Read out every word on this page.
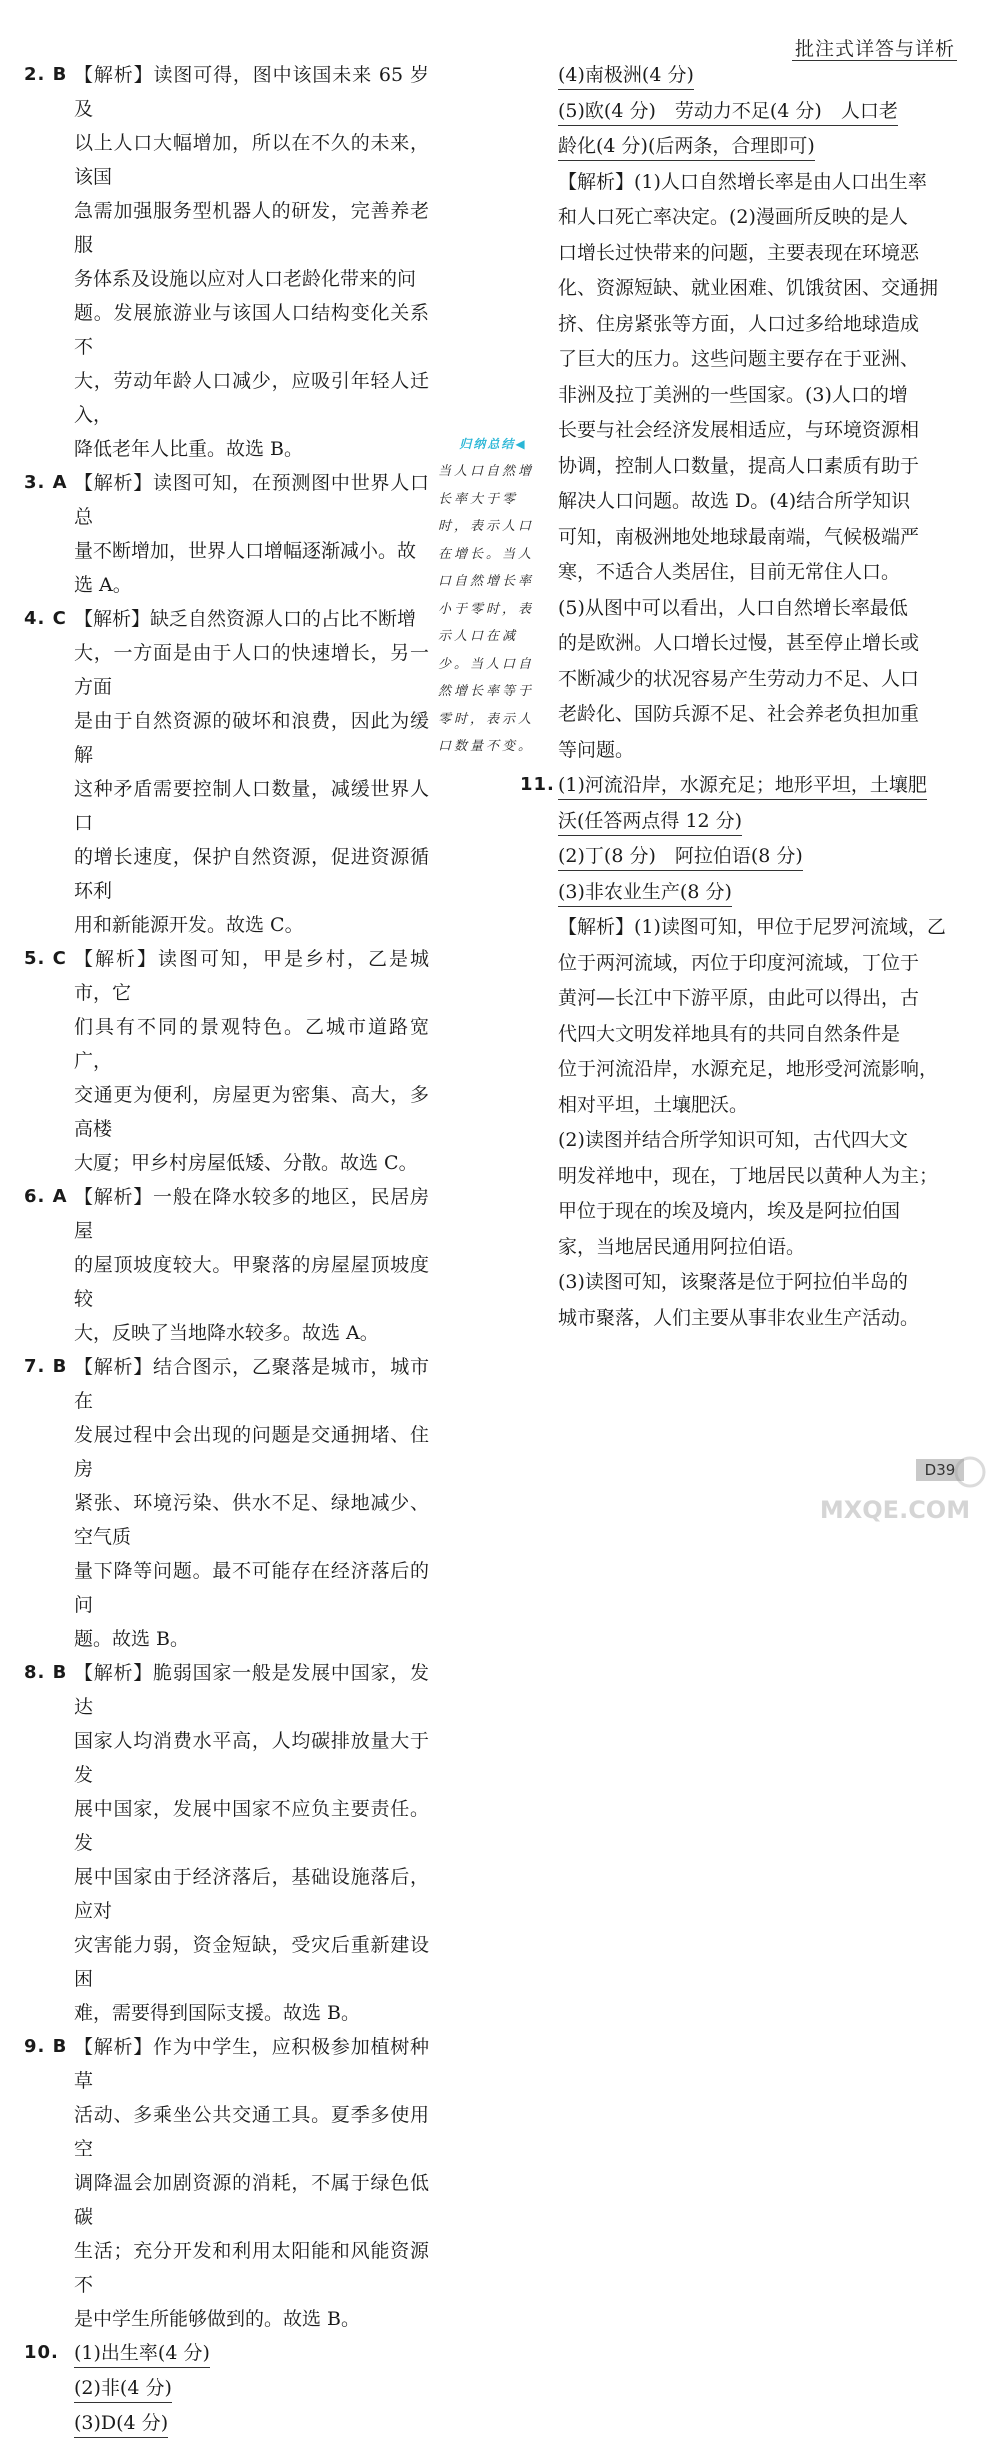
批注式详答与详析
2. B 【解析】读图可得，图中该国未来 65 岁及
以上人口大幅增加，所以在不久的未来，该国
急需加强服务型机器人的研发，完善养老服
务体系及设施以应对人口老龄化带来的问
题。发展旅游业与该国人口结构变化关系不
大，劳动年龄人口减少，应吸引年轻人迁入，
降低老年人比重。故选 B。
3. A 【解析】读图可知，在预测图中世界人口总
量不断增加，世界人口增幅逐渐减小。故
选 A。
4. C 【解析】缺乏自然资源人口的占比不断增
大，一方面是由于人口的快速增长，另一方面
是由于自然资源的破坏和浪费，因此为缓解
这种矛盾需要控制人口数量，减缓世界人口
的增长速度，保护自然资源，促进资源循环利
用和新能源开发。故选 C。
5. C 【解析】读图可知，甲是乡村，乙是城市，它
们具有不同的景观特色。乙城市道路宽广，
交通更为便利，房屋更为密集、高大，多高楼
大厦；甲乡村房屋低矮、分散。故选 C。
6. A 【解析】一般在降水较多的地区，民居房屋
的屋顶坡度较大。甲聚落的房屋屋顶坡度较
大，反映了当地降水较多。故选 A。
7. B 【解析】结合图示，乙聚落是城市，城市在
发展过程中会出现的问题是交通拥堵、住房
紧张、环境污染、供水不足、绿地减少、空气质
量下降等问题。最不可能存在经济落后的问
题。故选 B。
8. B 【解析】脆弱国家一般是发展中国家，发达
国家人均消费水平高，人均碳排放量大于发
展中国家，发展中国家不应负主要责任。发
展中国家由于经济落后，基础设施落后，应对
灾害能力弱，资金短缺，受灾后重新建设困
难，需要得到国际支援。故选 B。
9. B 【解析】作为中学生，应积极参加植树种草
活动、多乘坐公共交通工具。夏季多使用空
调降温会加剧资源的消耗，不属于绿色低碳
生活；充分开发和利用太阳能和风能资源不
是中学生所能够做到的。故选 B。
10. (1)出生率(4 分)
(2)非(4 分)
(3)D(4 分)
归纳总结◀
当人口自然增
长率大于零
时，表示人口
在增长。当人
口自然增长率
小于零时，表
示人口在减
少。当人口自
然增长率等于
零时，表示人
口数量不变。
(4)南极洲(4 分)
(5)欧(4 分)　劳动力不足(4 分)　人口老
龄化(4 分)(后两条，合理即可)
【解析】(1)人口自然增长率是由人口出生率
和人口死亡率决定。(2)漫画所反映的是人
口增长过快带来的问题，主要表现在环境恶
化、资源短缺、就业困难、饥饿贫困、交通拥
挤、住房紧张等方面，人口过多给地球造成
了巨大的压力。这些问题主要存在于亚洲、
非洲及拉丁美洲的一些国家。(3)人口的增
长要与社会经济发展相适应，与环境资源相
协调，控制人口数量，提高人口素质有助于
解决人口问题。故选 D。(4)结合所学知识
可知，南极洲地处地球最南端，气候极端严
寒，不适合人类居住，目前无常住人口。
(5)从图中可以看出，人口自然增长率最低
的是欧洲。人口增长过慢，甚至停止增长或
不断减少的状况容易产生劳动力不足、人口
老龄化、国防兵源不足、社会养老负担加重
等问题。
11. (1)河流沿岸，水源充足；地形平坦，土壤肥
沃(任答两点得 12 分)
(2)丁(8 分)　阿拉伯语(8 分)
(3)非农业生产(8 分)
【解析】(1)读图可知，甲位于尼罗河流域，乙
位于两河流域，丙位于印度河流域，丁位于
黄河—长江中下游平原，由此可以得出，古
代四大文明发祥地具有的共同自然条件是
位于河流沿岸，水源充足，地形受河流影响，
相对平坦，土壤肥沃。
(2)读图并结合所学知识可知，古代四大文
明发祥地中，现在，丁地居民以黄种人为主；
甲位于现在的埃及境内，埃及是阿拉伯国
家，当地居民通用阿拉伯语。
(3)读图可知，该聚落是位于阿拉伯半岛的
城市聚落，人们主要从事非农业生产活动。
D39
MXQE.COM
